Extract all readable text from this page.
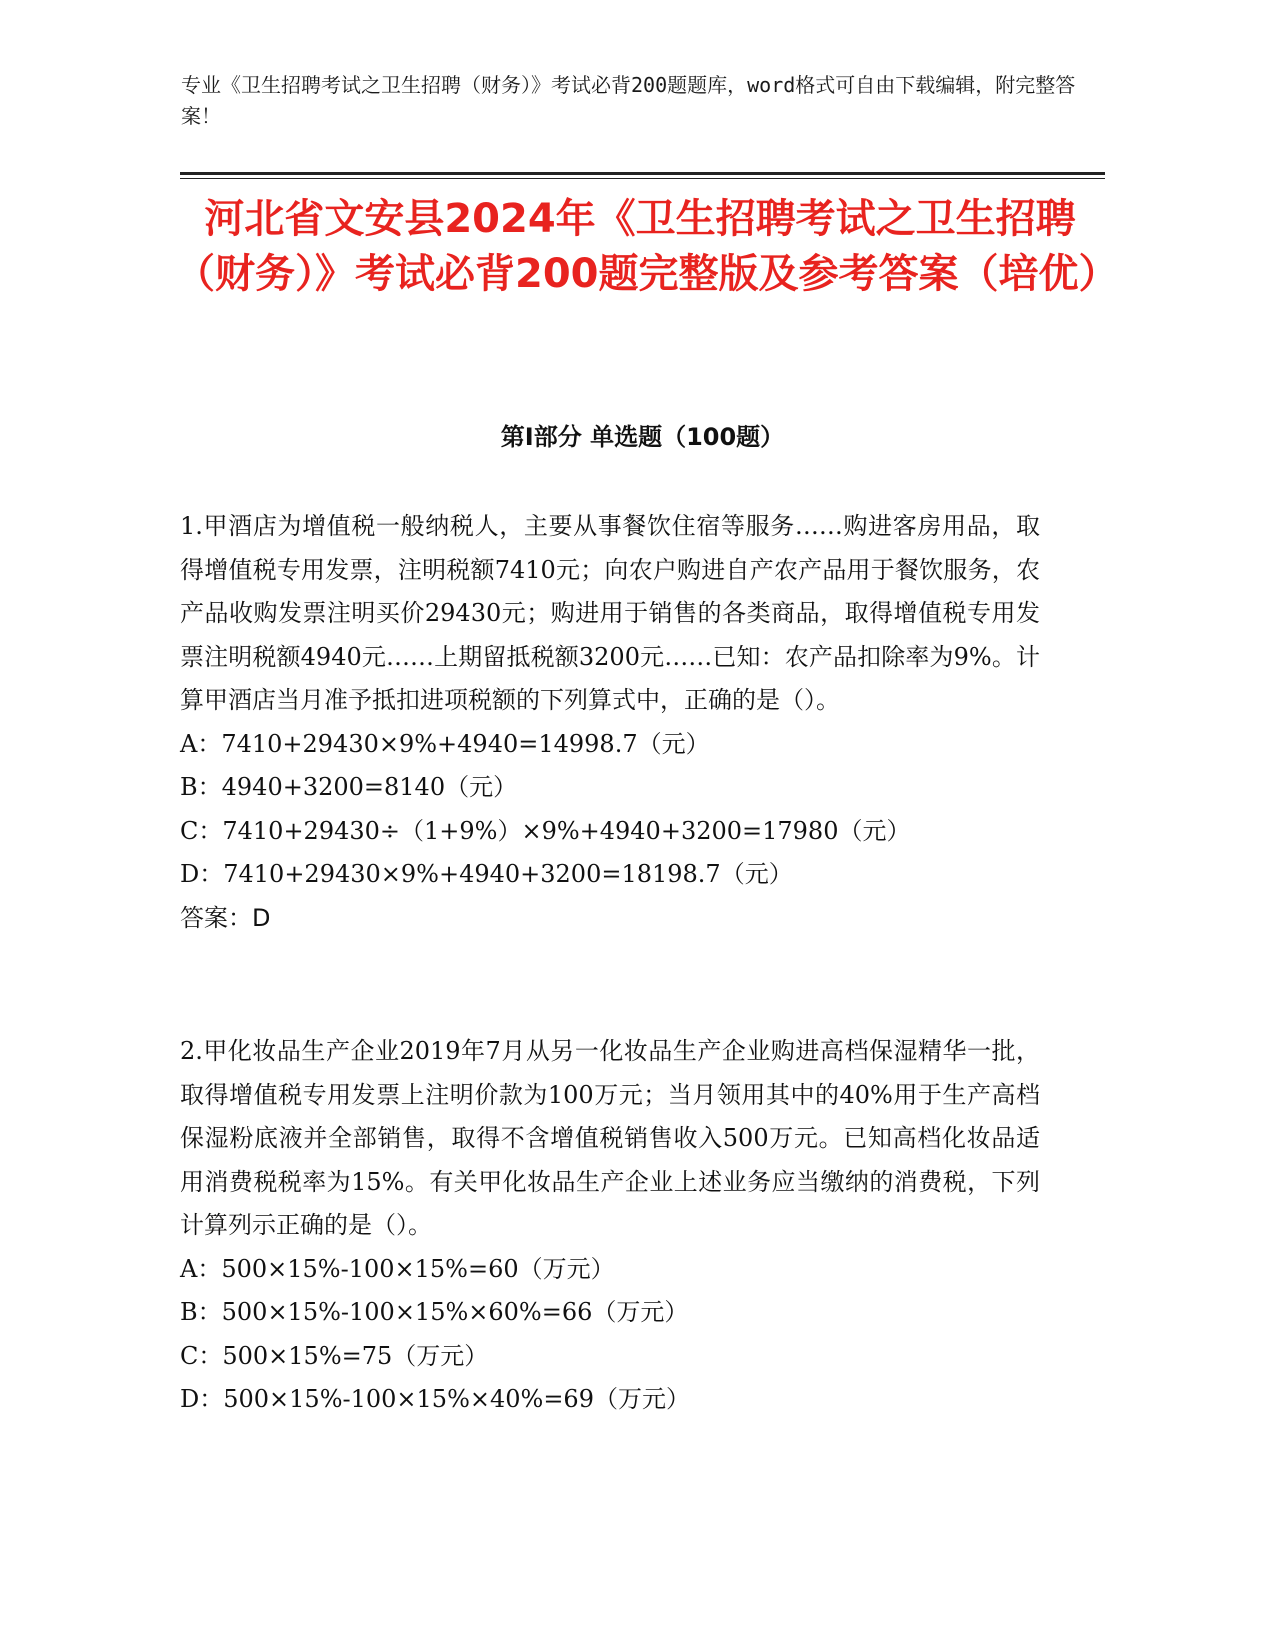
专业《卫生招聘考试之卫生招聘（财务）》考试必背200题题库，word格式可自由下载编辑，附完整答案！
河北省文安县2024年《卫生招聘考试之卫生招聘（财务）》考试必背200题完整版及参考答案（培优）
第Ⅰ部分 单选题（100题）

1.甲酒店为增值税一般纳税人，主要从事餐饮住宿等服务……购进客房用品，取得增值税专用发票，注明税额7410元；向农户购进自产农产品用于餐饮服务，农产品收购发票注明买价29430元；购进用于销售的各类商品，取得增值税专用发票注明税额4940元……上期留抵税额3200元……已知：农产品扣除率为9%。计算甲酒店当月准予抵扣进项税额的下列算式中，正确的是（）。

A：7410+29430×9%+4940=14998.7（元）

B：4940+3200=8140（元）

C：7410+29430÷（1+9%）×9%+4940+3200=17980（元）

D：7410+29430×9%+4940+3200=18198.7（元）

答案：D

2.甲化妆品生产企业2019年7月从另一化妆品生产企业购进高档保湿精华一批，取得增值税专用发票上注明价款为100万元；当月领用其中的40%用于生产高档保湿粉底液并全部销售，取得不含增值税销售收入500万元。已知高档化妆品适用消费税税率为15%。有关甲化妆品生产企业上述业务应当缴纳的消费税，下列计算列示正确的是（）。

A：500×15%-100×15%=60（万元）

B：500×15%-100×15%×60%=66（万元）

C：500×15%=75（万元）

D：500×15%-100×15%×40%=69（万元）
